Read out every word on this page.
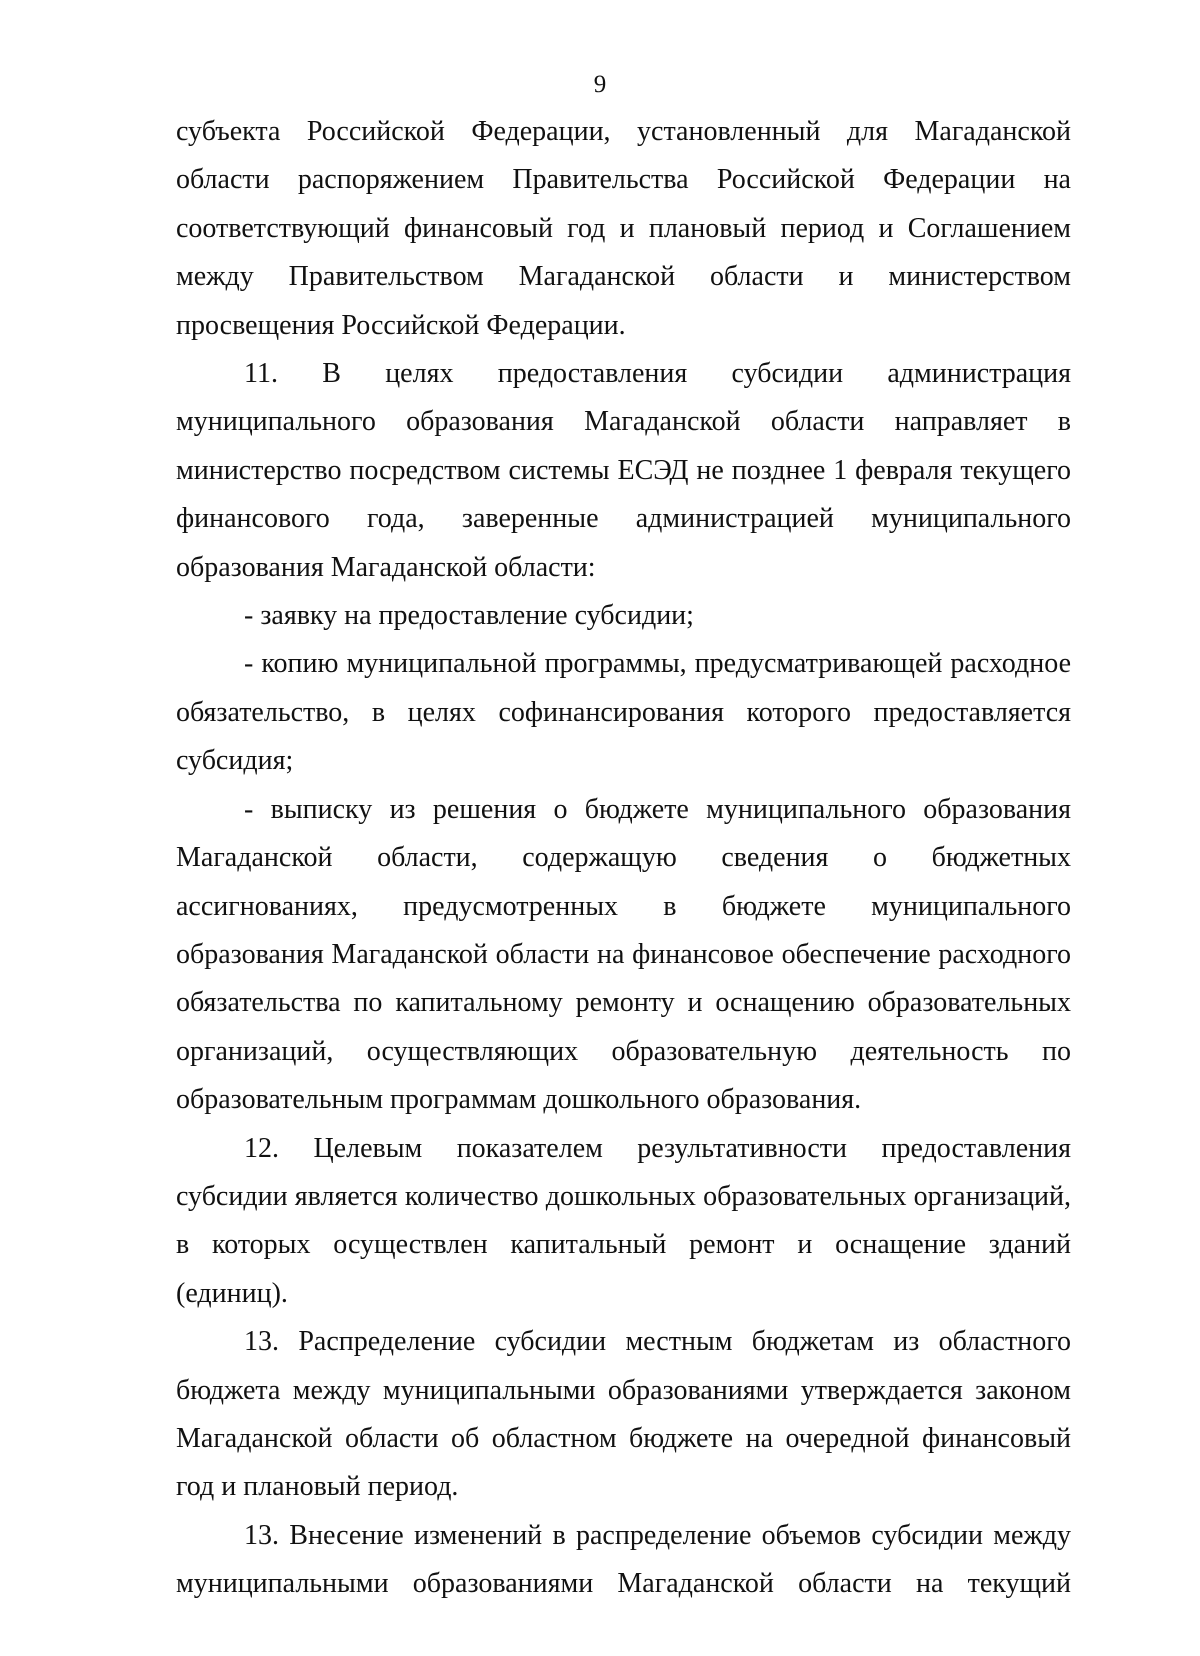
9

субъекта Российской Федерации, установленный для Магаданской области распоряжением Правительства Российской Федерации на соответствующий финансовый год и плановый период и Соглашением между Правительством Магаданской области и министерством просвещения Российской Федерации.

11. В целях предоставления субсидии администрация муниципального образования Магаданской области направляет в министерство посредством системы ЕСЭД не позднее 1 февраля текущего финансового года, заверенные администрацией муниципального образования Магаданской области:

- заявку на предоставление субсидии;

- копию муниципальной программы, предусматривающей расходное обязательство, в целях софинансирования которого предоставляется субсидия;

- выписку из решения о бюджете муниципального образования Магаданской области, содержащую сведения о бюджетных ассигнованиях, предусмотренных в бюджете муниципального образования Магаданской области на финансовое обеспечение расходного обязательства по капитальному ремонту и оснащению образовательных организаций, осуществляющих образовательную деятельность по образовательным программам дошкольного образования.

12. Целевым показателем результативности предоставления субсидии является количество дошкольных образовательных организаций, в которых осуществлен капитальный ремонт и оснащение зданий (единиц).

13. Распределение субсидии местным бюджетам из областного бюджета между муниципальными образованиями утверждается законом Магаданской области об областном бюджете на очередной финансовый год и плановый период.

13. Внесение изменений в распределение объемов субсидии между муниципальными образованиями Магаданской области на текущий
